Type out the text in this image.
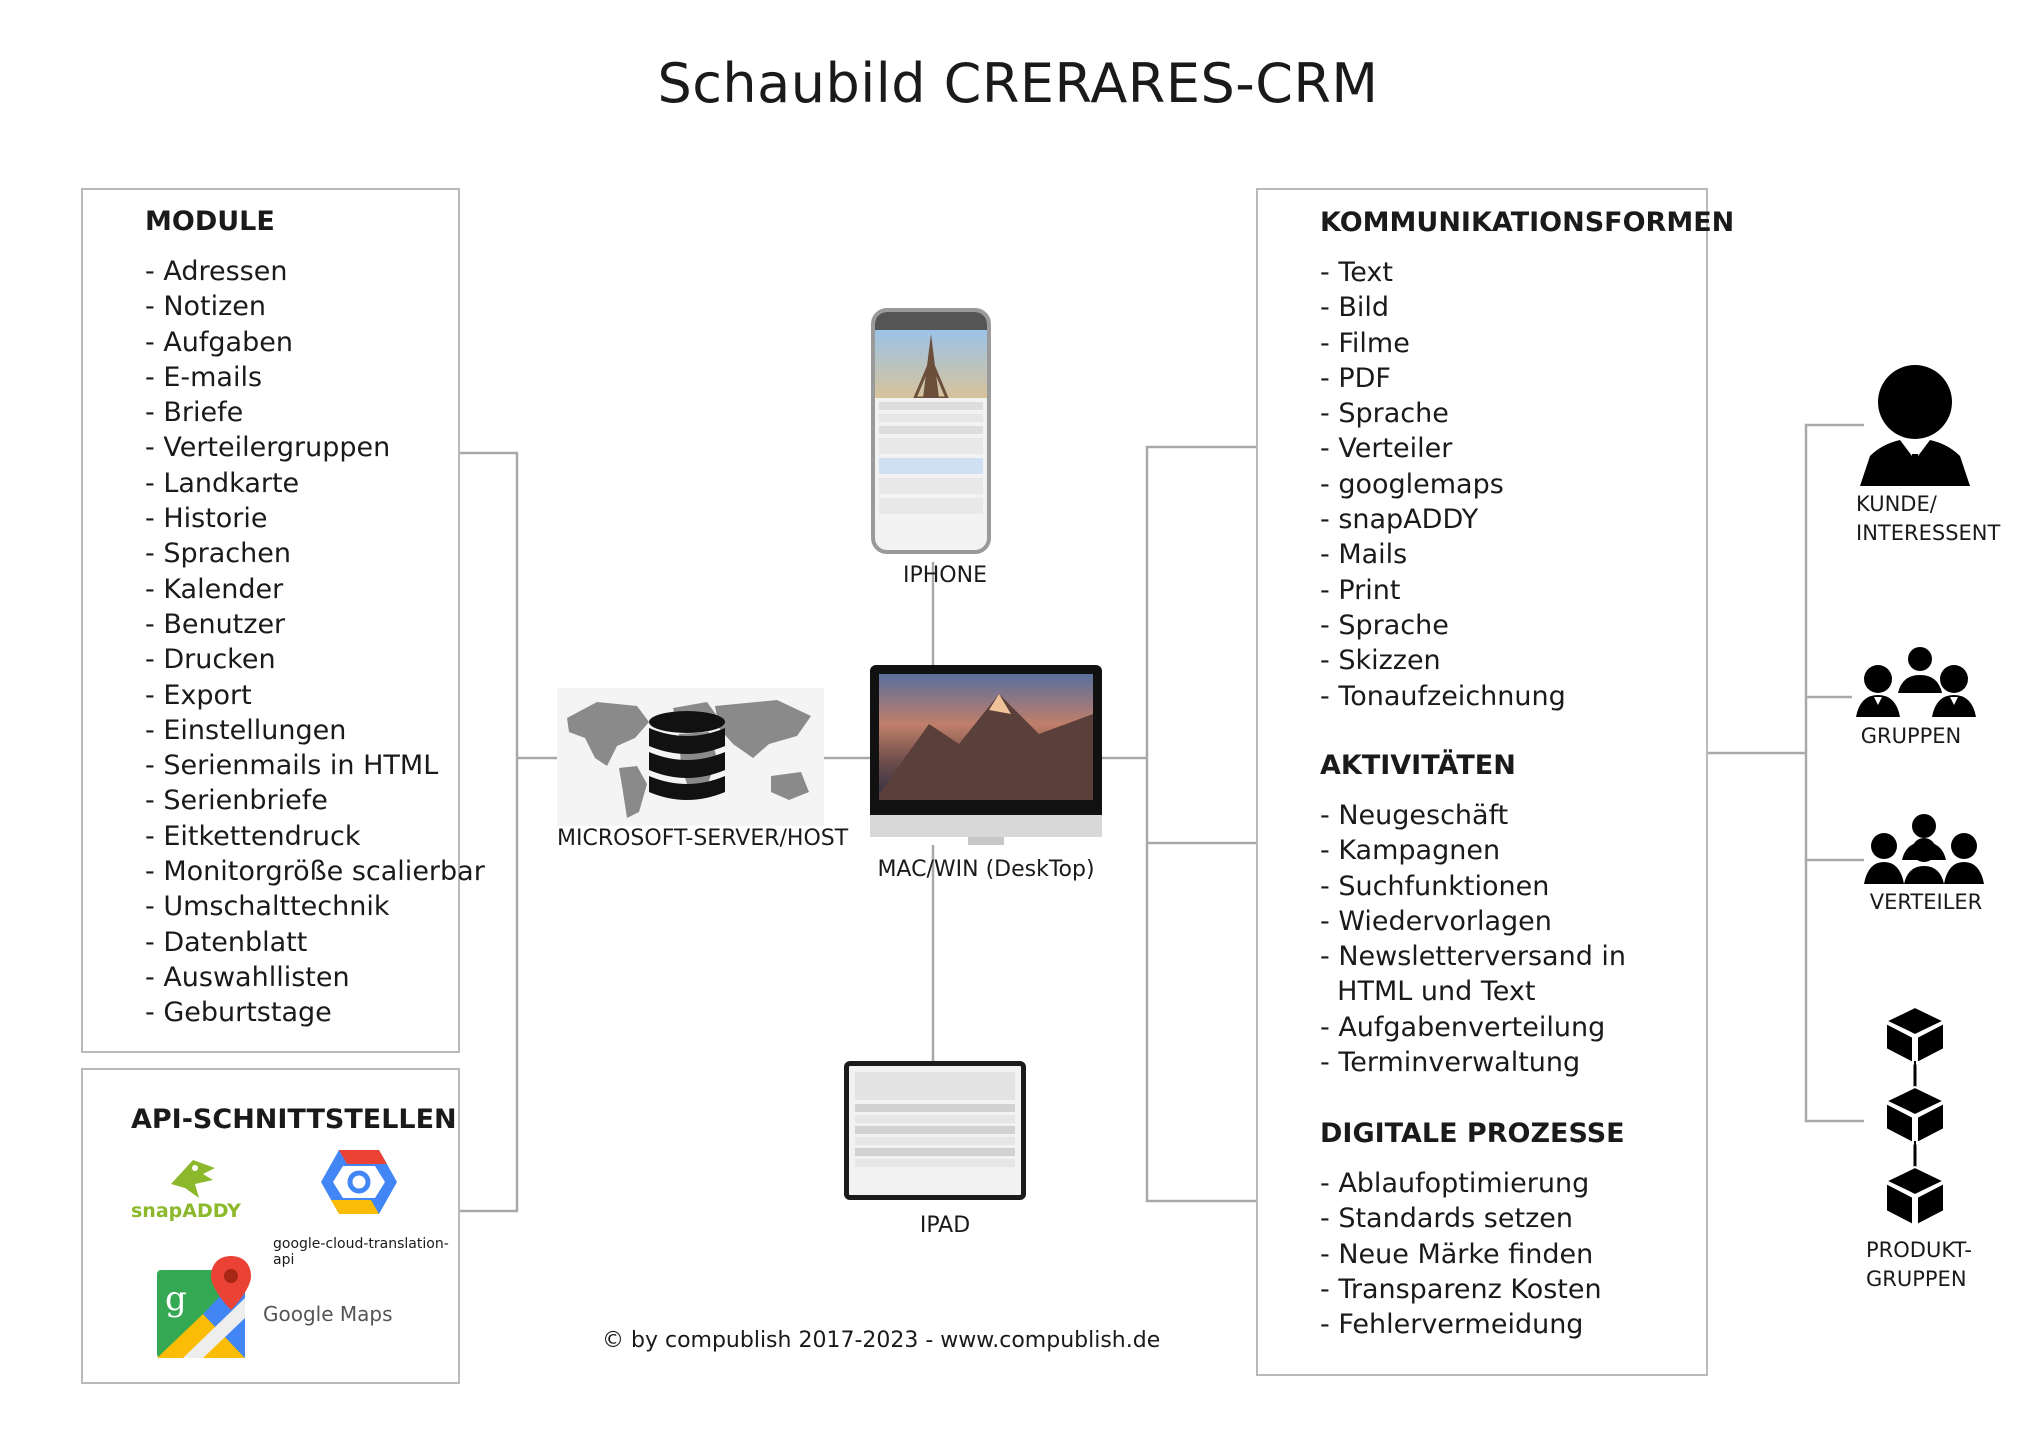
Schaubild CRERARES-CRM
MODULE
- Adressen
- Notizen
- Aufgaben
- E-mails
- Briefe
- Verteilergruppen
- Landkarte
- Historie
- Sprachen
- Kalender
- Benutzer
- Drucken
- Export
- Einstellungen
- Serienmails in HTML
- Serienbriefe
- Eitkettendruck
- Monitorgröße scalierbar
- Umschalttechnik
- Datenblatt
- Auswahllisten
- Geburtstage
API-SCHNITTSTELLEN
snapADDY
google-cloud-translation-api
g	Google Maps
MICROSOFT-SERVER/HOST
IPHONE
MAC/WIN (DeskTop)
IPAD
KOMMUNIKATIONSFORMEN
- Text
- Bild
- Filme
- PDF
- Sprache
- Verteiler
- googlemaps
- snapADDY
- Mails
- Print
- Sprache
- Skizzen
- Tonaufzeichnung
AKTIVITÄTEN
- Neugeschäft
- Kampagnen
- Suchfunktionen
- Wiedervorlagen
- Newsletterversand in
HTML und Text
- Aufgabenverteilung
- Terminverwaltung
DIGITALE PROZESSE
- Ablaufoptimierung
- Standards setzen
- Neue Märke finden
- Transparenz Kosten
- Fehlervermeidung
KUNDE/
INTERESSENT
GRUPPEN
VERTEILER
PRODUKT-
GRUPPEN
© by compublish 2017-2023 - www.compublish.de
